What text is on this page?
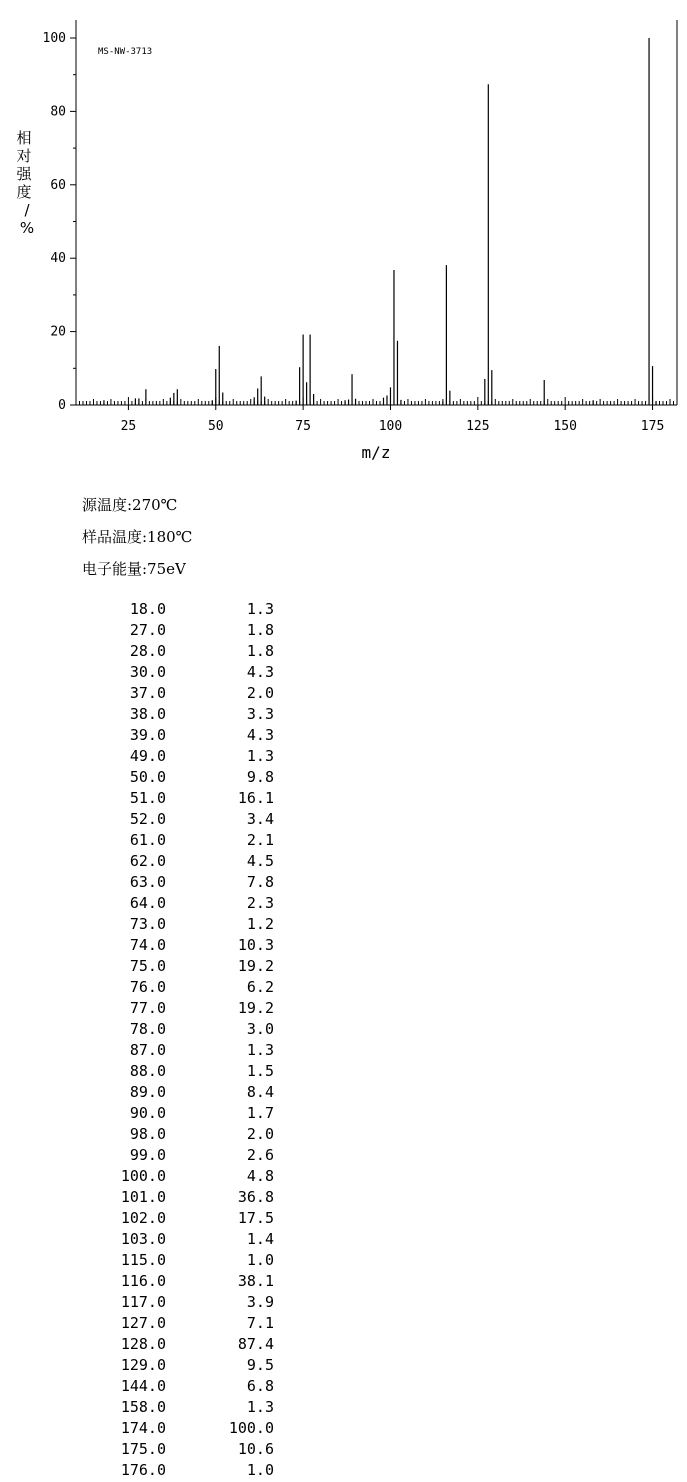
25	50	75	100	125	150	175
0
20
40
60
80
100
MS-NW-3713
m/z
相对强度/ %
源温度:270℃
样品温度:180℃
电子能量:75eV
18.0	1.3
27.0	1.8
28.0	1.8
30.0	4.3
37.0	2.0
38.0	3.3
39.0	4.3
49.0	1.3
50.0	9.8
51.0	16.1
52.0	3.4
61.0	2.1
62.0	4.5
63.0	7.8
64.0	2.3
73.0	1.2
74.0	10.3
75.0	19.2
76.0	6.2
77.0	19.2
78.0	3.0
87.0	1.3
88.0	1.5
89.0	8.4
90.0	1.7
98.0	2.0
99.0	2.6
100.0	4.8
101.0	36.8
102.0	17.5
103.0	1.4
115.0	1.0
116.0	38.1
117.0	3.9
127.0	7.1
128.0	87.4
129.0	9.5
144.0	6.8
158.0	1.3
174.0	100.0
175.0	10.6
176.0	1.0
